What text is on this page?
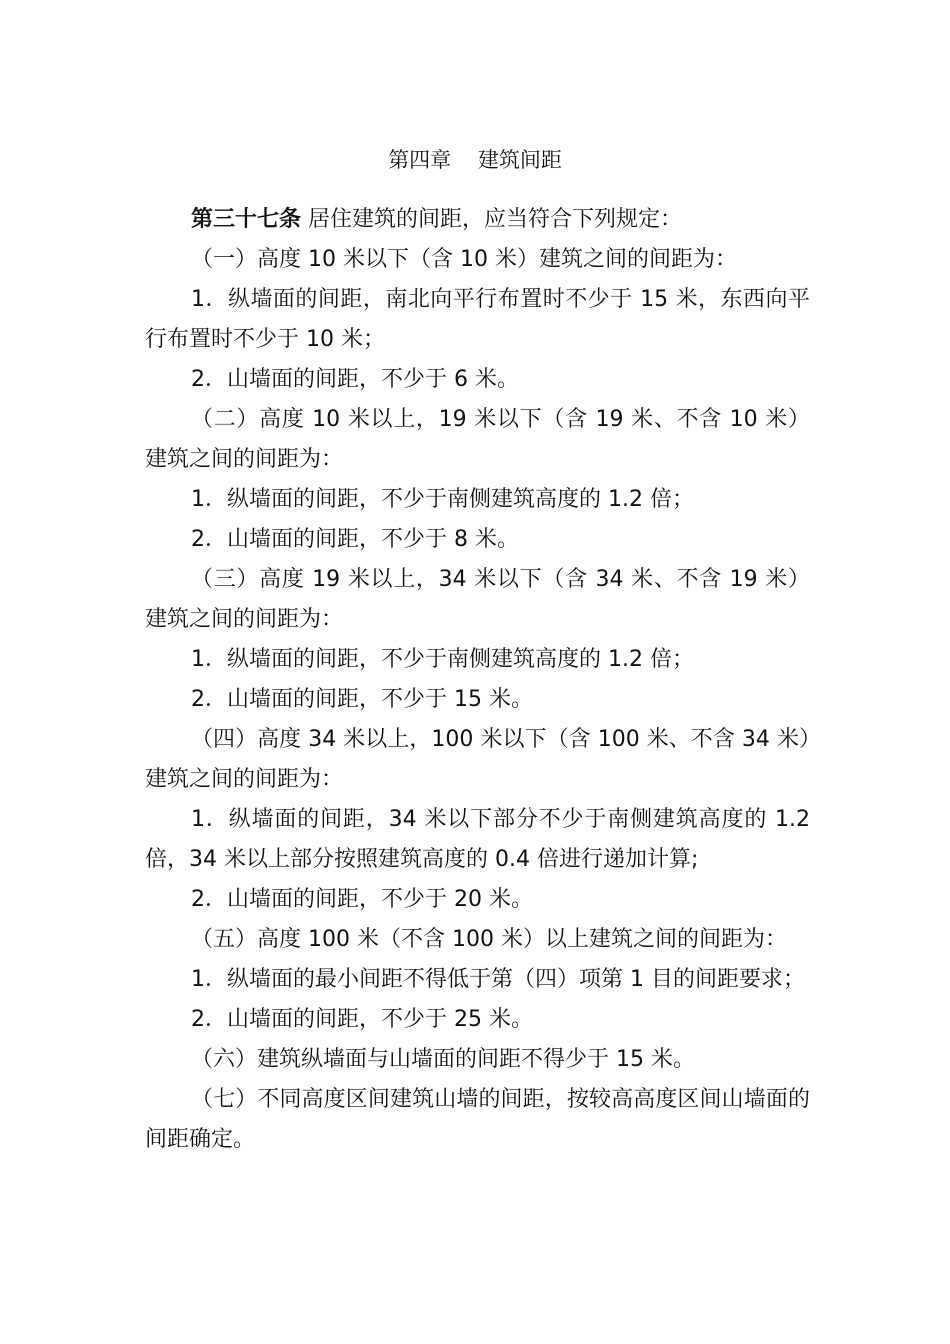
第四章    建筑间距

第三十七条 居住建筑的间距，应当符合下列规定：

（一）高度 10 米以下（含 10 米）建筑之间的间距为：

1．纵墙面的间距，南北向平行布置时不少于 15 米，东西向平行布置时不少于 10 米；

2．山墙面的间距，不少于 6 米。

（二）高度 10 米以上，19 米以下（含 19 米、不含 10 米）建筑之间的间距为：

1．纵墙面的间距，不少于南侧建筑高度的 1.2 倍；

2．山墙面的间距，不少于 8 米。

（三）高度 19 米以上，34 米以下（含 34 米、不含 19 米）建筑之间的间距为：

1．纵墙面的间距，不少于南侧建筑高度的 1.2 倍；

2．山墙面的间距，不少于 15 米。

（四）高度 34 米以上，100 米以下（含 100 米、不含 34 米）建筑之间的间距为：

1．纵墙面的间距，34 米以下部分不少于南侧建筑高度的 1.2 倍，34 米以上部分按照建筑高度的 0.4 倍进行递加计算;

2．山墙面的间距，不少于 20 米。

（五）高度 100 米（不含 100 米）以上建筑之间的间距为：

1．纵墙面的最小间距不得低于第（四）项第 1 目的间距要求；

2．山墙面的间距，不少于 25 米。

（六）建筑纵墙面与山墙面的间距不得少于 15 米。

（七）不同高度区间建筑山墙的间距，按较高高度区间山墙面的间距确定。
